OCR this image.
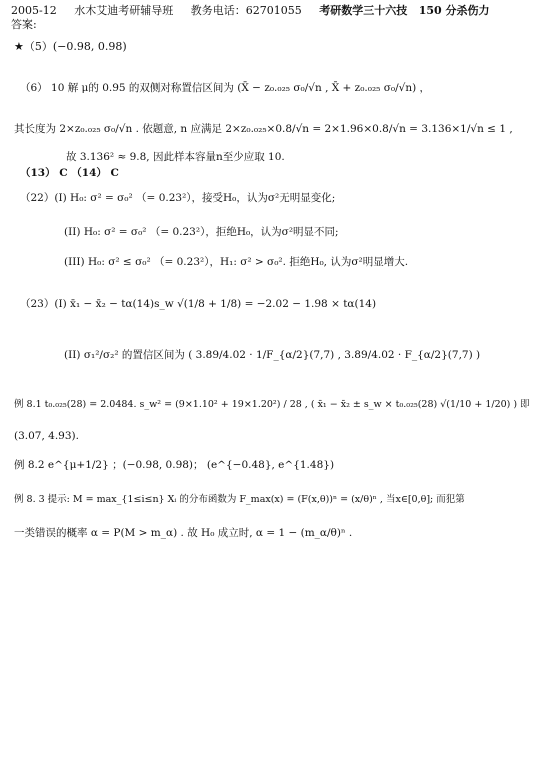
2005-12 水木艾迪考研辅导班 教务电话：62701055 考研数学三十六技 150 分杀伤力
答案:
★（5）(−0.98, 0.98)
（6） 10 解 μ的 0.95 的双侧对称置信区间为 (X̄ − z₀.₀₂₅ σ₀/√n , X̄ + z₀.₀₂₅ σ₀/√n) ，
其长度为 2×z₀.₀₂₅ σ₀/√n . 依题意, n 应满足 2×z₀.₀₂₅×0.8/√n = 2×1.96×0.8/√n = 3.136×1/√n ≤ 1 ,
故 3.136² ≈ 9.8, 因此样本容量n至少应取 10.
（13） C （14） C
（22）(I) H₀: σ² = σ₀² （= 0.23²），接受H₀，认为σ²无明显变化;
(II) H₀: σ² = σ₀² （= 0.23²），拒绝H₀，认为σ²明显不同;
(III) H₀: σ² ≤ σ₀² （= 0.23²），H₁: σ² > σ₀². 拒绝H₀, 认为σ²明显增大.
（23）(I) x̄₁ − x̄₂ − tα(14)s_w √(1/8 + 1/8) = −2.02 − 1.98 × tα(14)
(II) σ₁²/σ₂² 的置信区间为 ( 3.89/4.02 · 1/F_{α/2}(7,7) , 3.89/4.02 · F_{α/2}(7,7) )
例 8.1 t₀.₀₂₅(28) = 2.0484. s_w² = (9×1.10² + 19×1.20²) / 28 , ( x̄₁ − x̄₂ ± s_w × t₀.₀₂₅(28) √(1/10 + 1/20) ) 即
(3.07, 4.93).
例 8.2 e^{μ+1/2} ；(−0.98, 0.98)； (e^{−0.48}, e^{1.48})
例 8. 3 提示: M = max_{1≤i≤n} Xᵢ 的分布函数为 F_max(x) = (F(x,θ))ⁿ = (x/θ)ⁿ , 当x∈[0,θ]; 而犯第
一类错误的概率 α = P(M > m_α) . 故 H₀ 成立时, α = 1 − (m_α/θ)ⁿ .
